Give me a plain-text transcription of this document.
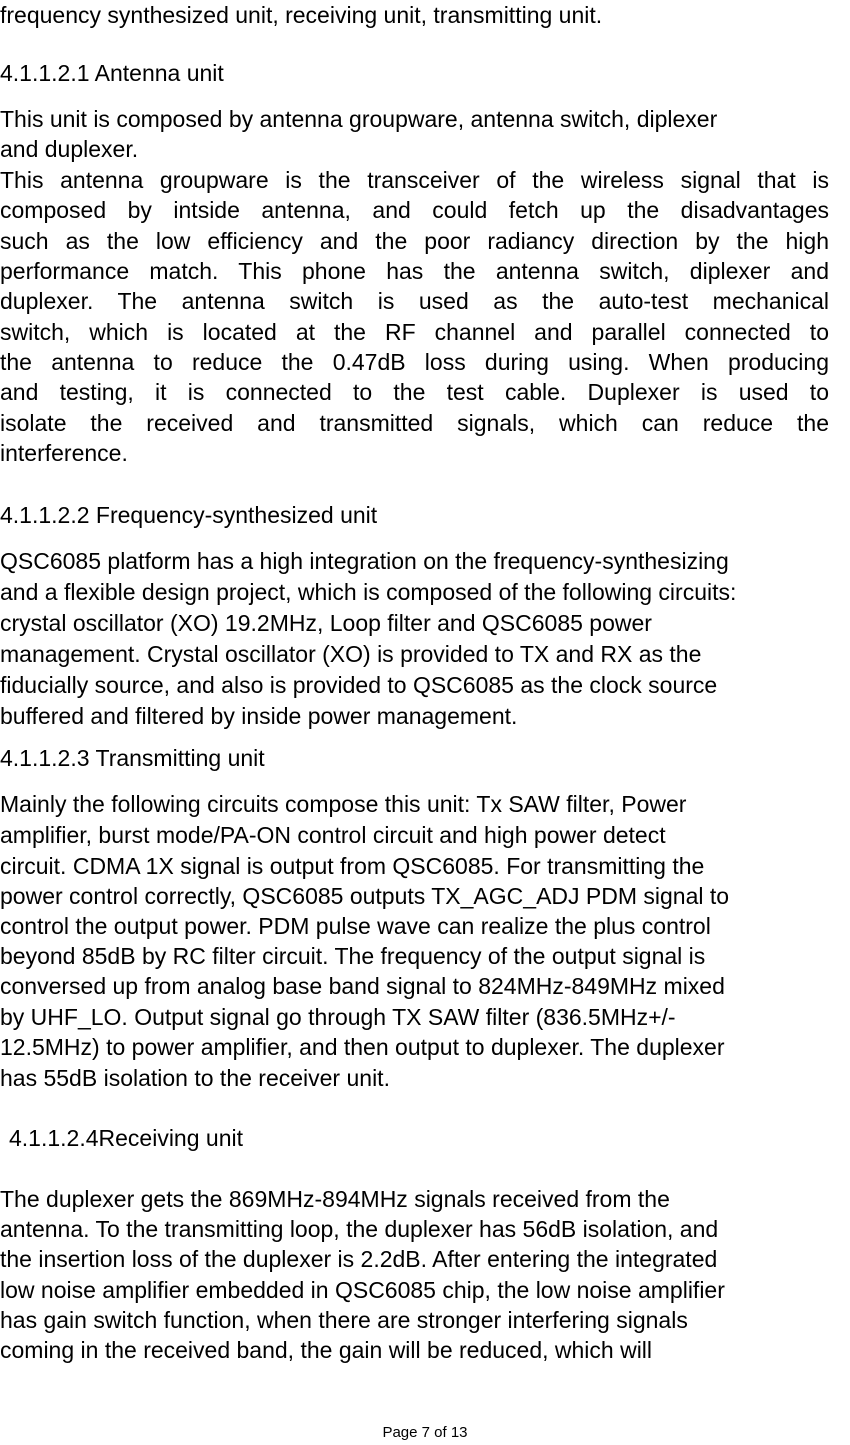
frequency synthesized unit, receiving unit, transmitting unit.

4.1.1.2.1 Antenna unit

This unit is composed by antenna groupware, antenna switch, diplexer

and duplexer.

This antenna groupware is the transceiver of the wireless signal that is

composed by intside antenna, and could fetch up the disadvantages

such as the low efficiency and the poor radiancy direction by the high

performance match. This phone has the antenna switch, diplexer and

duplexer. The antenna switch is used as the auto-test mechanical

switch, which is located at the RF channel and parallel connected to

the antenna to reduce the 0.47dB loss during using. When producing

and testing, it is connected to the test cable. Duplexer is used to

isolate the received and transmitted signals, which can reduce the

interference.

4.1.1.2.2 Frequency-synthesized unit

QSC6085 platform has a high integration on the frequency-synthesizing

and a flexible design project, which is composed of the following circuits:

crystal oscillator (XO) 19.2MHz, Loop filter and QSC6085 power

management. Crystal oscillator (XO) is provided to TX and RX as the

fiducially source, and also is provided to QSC6085 as the clock source

buffered and filtered by inside power management.

4.1.1.2.3 Transmitting unit

Mainly the following circuits compose this unit: Tx SAW filter, Power

amplifier, burst mode/PA-ON control circuit and high power detect

circuit. CDMA 1X signal is output from QSC6085. For transmitting the

power control correctly, QSC6085 outputs TX_AGC_ADJ PDM signal to

control the output power. PDM pulse wave can realize the plus control

beyond 85dB by RC filter circuit. The frequency of the output signal is

conversed up from analog base band signal to 824MHz-849MHz mixed

by UHF_LO. Output signal go through TX SAW filter (836.5MHz+/-

12.5MHz) to power amplifier, and then output to duplexer. The duplexer

has 55dB isolation to the receiver unit.

4.1.1.2.4Receiving unit

The duplexer gets the 869MHz-894MHz signals received from the

antenna. To the transmitting loop, the duplexer has 56dB isolation, and

the insertion loss of the duplexer is 2.2dB. After entering the integrated

low noise amplifier embedded in QSC6085 chip, the low noise amplifier

has gain switch function, when there are stronger interfering signals

coming in the received band, the gain will be reduced, which will

Page 7 of 13
